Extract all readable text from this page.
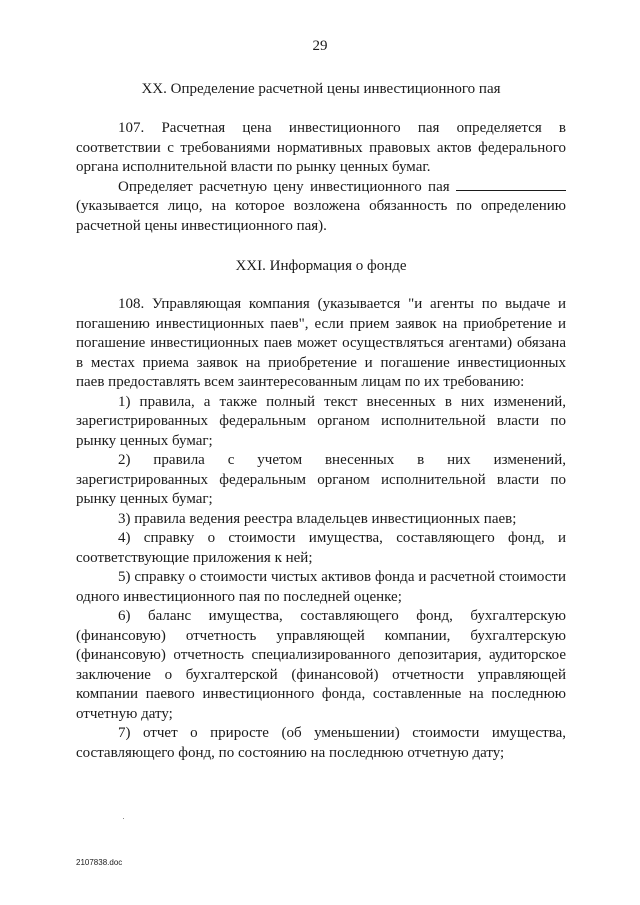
29
XX. Определение расчетной цены инвестиционного пая

107. Расчетная цена инвестиционного пая определяется в соответствии с требованиями нормативных правовых актов федерального органа исполнительной власти по рынку ценных бумаг.

Определяет расчетную цену инвестиционного пая  (указывается лицо, на которое возложена обязанность по определению расчетной цены инвестиционного пая).

XXI. Информация о фонде

108. Управляющая компания (указывается "и агенты по выдаче и погашению инвестиционных паев", если прием заявок на приобретение и погашение инвестиционных паев может осуществляться агентами) обязана в местах приема заявок на приобретение и погашение инвестиционных паев предоставлять всем заинтересованным лицам по их требованию:

1) правила, а также полный текст внесенных в них изменений, зарегистрированных федеральным органом исполнительной власти по рынку ценных бумаг;

2) правила с учетом внесенных в них изменений, зарегистрированных федеральным органом исполнительной власти по рынку ценных бумаг;

3) правила ведения реестра владельцев инвестиционных паев;

4) справку о стоимости имущества, составляющего фонд, и соответствующие приложения к ней;

5) справку о стоимости чистых активов фонда и расчетной стоимости одного инвестиционного пая по последней оценке;

6) баланс имущества, составляющего фонд, бухгалтерскую (финансовую) отчетность управляющей компании, бухгалтерскую (финансовую) отчетность специализированного депозитария, аудиторское заключение о бухгалтерской (финансовой) отчетности управляющей компании паевого инвестиционного фонда, составленные на последнюю отчетную дату;

7) отчет о приросте (об уменьшении) стоимости имущества, составляющего фонд, по состоянию на последнюю отчетную дату;

2107838.doc
